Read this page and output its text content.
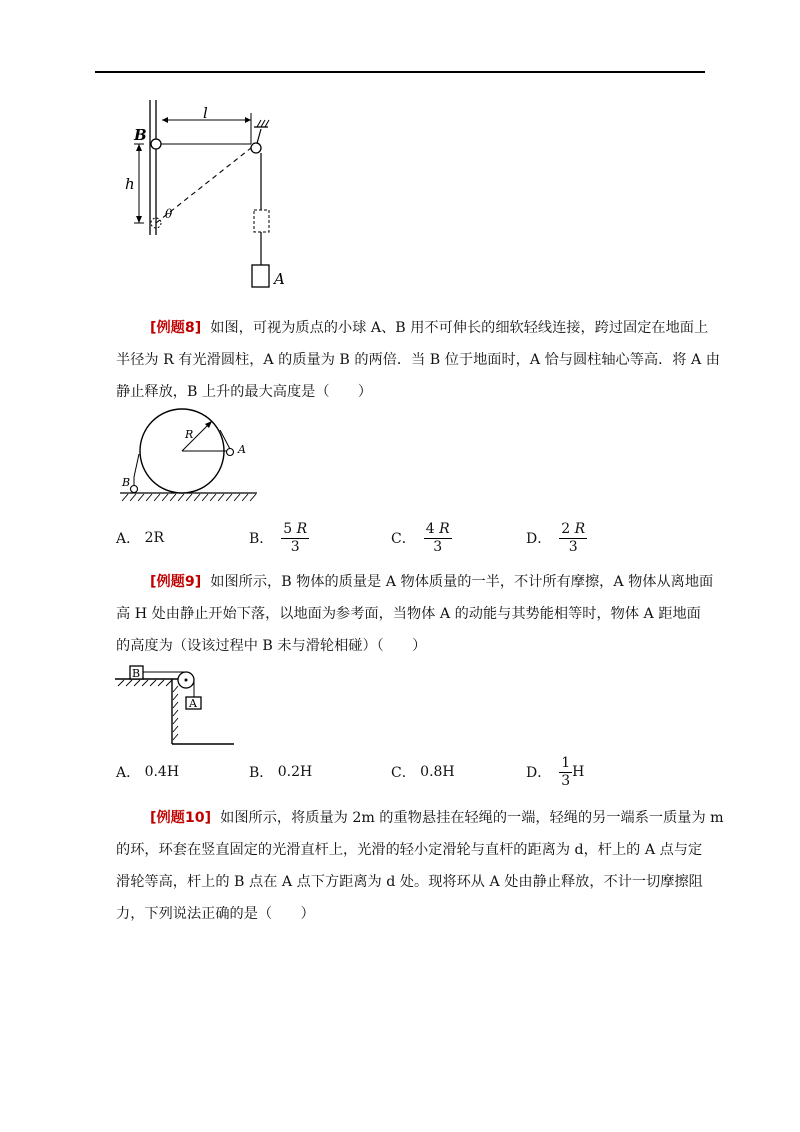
B
l
h
θ
A
[例题8] 如图，可视为质点的小球 A、B 用不可伸长的细软轻线连接，跨过固定在地面上
半径为 R 有光滑圆柱，A 的质量为 B 的两倍．当 B 位于地面时，A 恰与圆柱轴心等高．将 A 由
静止释放，B 上升的最大高度是（　　）
R
A
B
A．
2R	B． $\frac{5 R}{3}$	C． $\frac{4 R}{3}$	D． $\frac{2 R}{3}$
[例题9] 如图所示，B 物体的质量是 A 物体质量的一半，不计所有摩擦，A 物体从离地面
高 H 处由静止开始下落，以地面为参考面，当物体 A 的动能与其势能相等时，物体 A 距地面
的高度为（设该过程中 B 未与滑轮相碰）（　　）
B
A
A．
0.4H	B．
0.2H	C．
0.8H	D． $\frac{1}{3}$ H
[例题10] 如图所示，将质量为 2m 的重物悬挂在轻绳的一端，轻绳的另一端系一质量为 m
的环，环套在竖直固定的光滑直杆上，光滑的轻小定滑轮与直杆的距离为 d，杆上的 A 点与定
滑轮等高，杆上的 B 点在 A 点下方距离为 d 处。现将环从 A 处由静止释放，不计一切摩擦阻
力，下列说法正确的是（　　）
